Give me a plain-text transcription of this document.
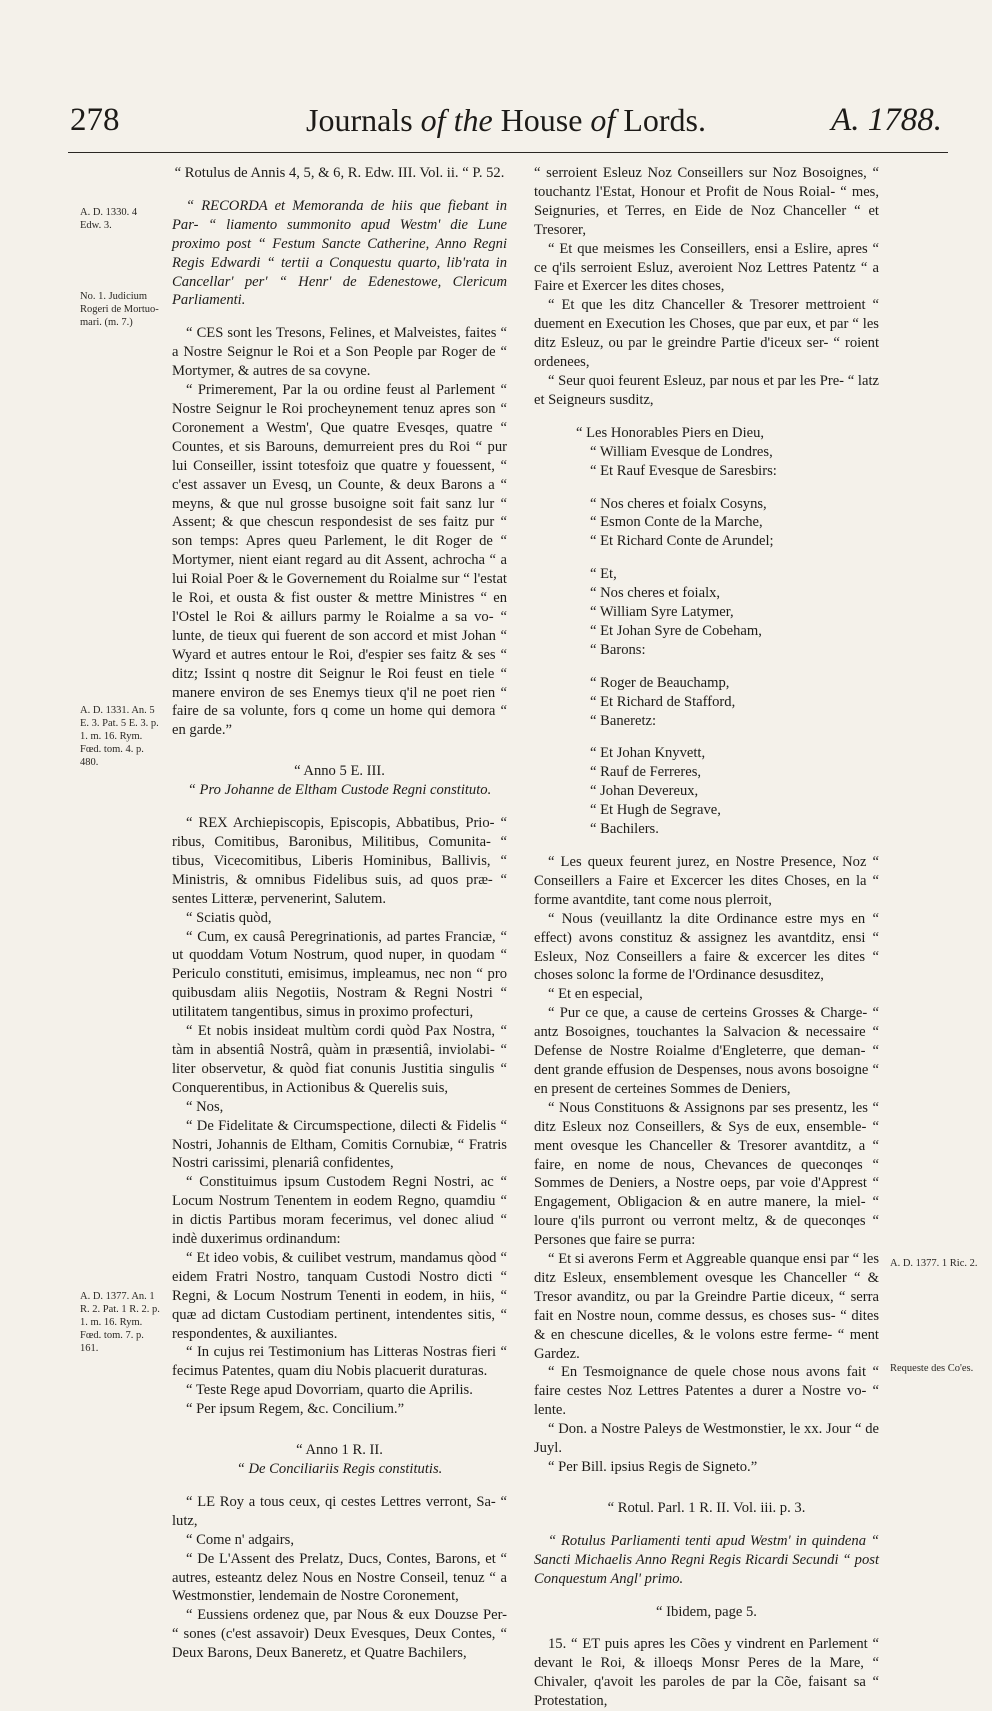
278	Journals of the House of Lords.	A. 1788.
A. D. 1330. 4 Edw. 3.
No. 1. Judicium Rogeri de Mortuo-mari. (m. 7.)
A. D. 1331. An. 5 E. 3. Pat. 5 E. 3. p. 1. m. 16. Rym. Fœd. tom. 4. p. 480.
A. D. 1377. An. 1 R. 2. Pat. 1 R. 2. p. 1. m. 16. Rym. Fœd. tom. 7. p. 161.
A. D. 1377. 1 Ric. 2.
Requeste des Co'es.

“ Rotulus de Annis 4, 5, & 6, R. Edw. III. Vol. ii. “ P. 52.

“ RECORDA et Memoranda de hiis que fiebant in Par- “ liamento summonito apud Westm' die Lune proximo post “ Festum Sancte Catherine, Anno Regni Regis Edwardi “ tertii a Conquestu quarto, lib'rata in Cancellar' per' “ Henr' de Edenestowe, Clericum Parliamenti.

“ CES sont les Tresons, Felines, et Malveistes, faites “ a Nostre Seignur le Roi et a Son People par Roger de “ Mortymer, & autres de sa covyne.

“ Primerement, Par la ou ordine feust al Parlement “ Nostre Seignur le Roi procheynement tenuz apres son “ Coronement a Westm', Que quatre Evesqes, quatre “ Countes, et sis Barouns, demurreient pres du Roi “ pur lui Conseiller, issint totesfoiz que quatre y fouessent, “ c'est assaver un Evesq, un Counte, & deux Barons a “ meyns, & que nul grosse busoigne soit fait sanz lur “ Assent; & que chescun respondesist de ses faitz pur “ son temps: Apres queu Parlement, le dit Roger de “ Mortymer, nient eiant regard au dit Assent, achrocha “ a lui Roial Poer & le Governement du Roialme sur “ l'estat le Roi, et ousta & fist ouster & mettre Ministres “ en l'Ostel le Roi & aillurs parmy le Roialme a sa vo- “ lunte, de tieux qui fuerent de son accord et mist Johan “ Wyard et autres entour le Roi, d'espier ses faitz & ses “ ditz; Issint q nostre dit Seignur le Roi feust en tiele “ manere environ de ses Enemys tieux q'il ne poet rien “ faire de sa volunte, fors q come un home qui demora “ en garde.”

“ Anno 5 E. III.

“ Pro Johanne de Eltham Custode Regni constituto.

“ REX Archiepiscopis, Episcopis, Abbatibus, Prio- “ ribus, Comitibus, Baronibus, Militibus, Comunita- “ tibus, Vicecomitibus, Liberis Hominibus, Ballivis, “ Ministris, & omnibus Fidelibus suis, ad quos præ- “ sentes Litteræ, pervenerint, Salutem.

“ Sciatis quòd,

“ Cum, ex causâ Peregrinationis, ad partes Franciæ, “ ut quoddam Votum Nostrum, quod nuper, in quodam “ Periculo constituti, emisimus, impleamus, nec non “ pro quibusdam aliis Negotiis, Nostram & Regni Nostri “ utilitatem tangentibus, simus in proximo profecturi,

“ Et nobis insideat multùm cordi quòd Pax Nostra, “ tàm in absentiâ Nostrâ, quàm in præsentiâ, inviolabi- “ liter observetur, & quòd fiat conunis Justitia singulis “ Conquerentibus, in Actionibus & Querelis suis,

“ Nos,

“ De Fidelitate & Circumspectione, dilecti & Fidelis “ Nostri, Johannis de Eltham, Comitis Cornubiæ, “ Fratris Nostri carissimi, plenariâ confidentes,

“ Constituimus ipsum Custodem Regni Nostri, ac “ Locum Nostrum Tenentem in eodem Regno, quamdiu “ in dictis Partibus moram fecerimus, vel donec aliud “ indè duxerimus ordinandum:

“ Et ideo vobis, & cuilibet vestrum, mandamus qòod “ eidem Fratri Nostro, tanquam Custodi Nostro dicti “ Regni, & Locum Nostrum Tenenti in eodem, in hiis, “ quæ ad dictam Custodiam pertinent, intendentes sitis, “ respondentes, & auxiliantes.

“ In cujus rei Testimonium has Litteras Nostras fieri “ fecimus Patentes, quam diu Nobis placuerit duraturas.

“ Teste Rege apud Dovorriam, quarto die Aprilis.

“ Per ipsum Regem, &c. Concilium.”

“ Anno 1 R. II.

“ De Conciliariis Regis constitutis.

“ LE Roy a tous ceux, qi cestes Lettres verront, Sa- “ lutz,

“ Come n' adgairs,

“ De L'Assent des Prelatz, Ducs, Contes, Barons, et “ autres, esteantz delez Nous en Nostre Conseil, tenuz “ a Westmonstier, lendemain de Nostre Coronement,

“ Eussiens ordenez que, par Nous & eux Douzse Per- “ sones (c'est assavoir) Deux Evesques, Deux Contes, “ Deux Barons, Deux Baneretz, et Quatre Bachilers,

“ serroient Esleuz Noz Conseillers sur Noz Bosoignes, “ touchantz l'Estat, Honour et Profit de Nous Roial- “ mes, Seignuries, et Terres, en Eide de Noz Chanceller “ et Tresorer,

“ Et que meismes les Conseillers, ensi a Eslire, apres “ ce q'ils serroient Esluz, averoient Noz Lettres Patentz “ a Faire et Exercer les dites choses,

“ Et que les ditz Chanceller & Tresorer mettroient “ duement en Execution les Choses, que par eux, et par “ les ditz Esleuz, ou par le greindre Partie d'iceux ser- “ roient ordenees,

“ Seur quoi feurent Esleuz, par nous et par les Pre- “ latz et Seigneurs susditz,

“ Les Honorables Piers en Dieu,

“ William Evesque de Londres,

“ Et Rauf Evesque de Saresbirs:

“ Nos cheres et foialx Cosyns,

“ Esmon Conte de la Marche,

“ Et Richard Conte de Arundel;

“ Et,

“ Nos cheres et foialx,

“ William Syre Latymer,

“ Et Johan Syre de Cobeham,

“ Barons:

“ Roger de Beauchamp,

“ Et Richard de Stafford,

“ Baneretz:

“ Et Johan Knyvett,

“ Rauf de Ferreres,

“ Johan Devereux,

“ Et Hugh de Segrave,

“ Bachilers.

“ Les queux feurent jurez, en Nostre Presence, Noz “ Conseillers a Faire et Excercer les dites Choses, en la “ forme avantdite, tant come nous plerroit,

“ Nous (veuillantz la dite Ordinance estre mys en “ effect) avons constituz & assignez les avantditz, ensi “ Esleux, Noz Conseillers a faire & excercer les dites “ choses solonc la forme de l'Ordinance desusditez,

“ Et en especial,

“ Pur ce que, a cause de certeins Grosses & Charge- “ antz Bosoignes, touchantes la Salvacion & necessaire “ Defense de Nostre Roialme d'Engleterre, que deman- “ dent grande effusion de Despenses, nous avons bosoigne “ en present de certeines Sommes de Deniers,

“ Nous Constituons & Assignons par ses presentz, les “ ditz Esleux noz Conseillers, & Sys de eux, ensemble- “ ment ovesque les Chanceller & Tresorer avantditz, a “ faire, en nome de nous, Chevances de queconqes “ Sommes de Deniers, a Nostre oeps, par voie d'Apprest “ Engagement, Obligacion & en autre manere, la miel- “ loure q'ils purront ou verront meltz, & de queconqes “ Persones que faire se purra:

“ Et si averons Ferm et Aggreable quanque ensi par “ les ditz Esleux, ensemblement ovesque les Chanceller “ & Tresor avanditz, ou par la Greindre Partie diceux, “ serra fait en Nostre noun, comme dessus, es choses sus- “ dites & en chescune dicelles, & le volons estre ferme- “ ment Gardez.

“ En Tesmoignance de quele chose nous avons fait “ faire cestes Noz Lettres Patentes a durer a Nostre vo- “ lente.

“ Don. a Nostre Paleys de Westmonstier, le xx. Jour “ de Juyl.

“ Per Bill. ipsius Regis de Signeto.”

“ Rotul. Parl. 1 R. II. Vol. iii. p. 3.

“ Rotulus Parliamenti tenti apud Westm' in quindena “ Sancti Michaelis Anno Regni Regis Ricardi Secundi “ post Conquestum Angl' primo.

“ Ibidem, page 5.

15. “ ET puis apres les Cões y vindrent en Parlement “ devant le Roi, & illoeqs Monsr Peres de la Mare, “ Chivaler, q'avoit les paroles de par la Cõe, faisant sa “ Protestation,
